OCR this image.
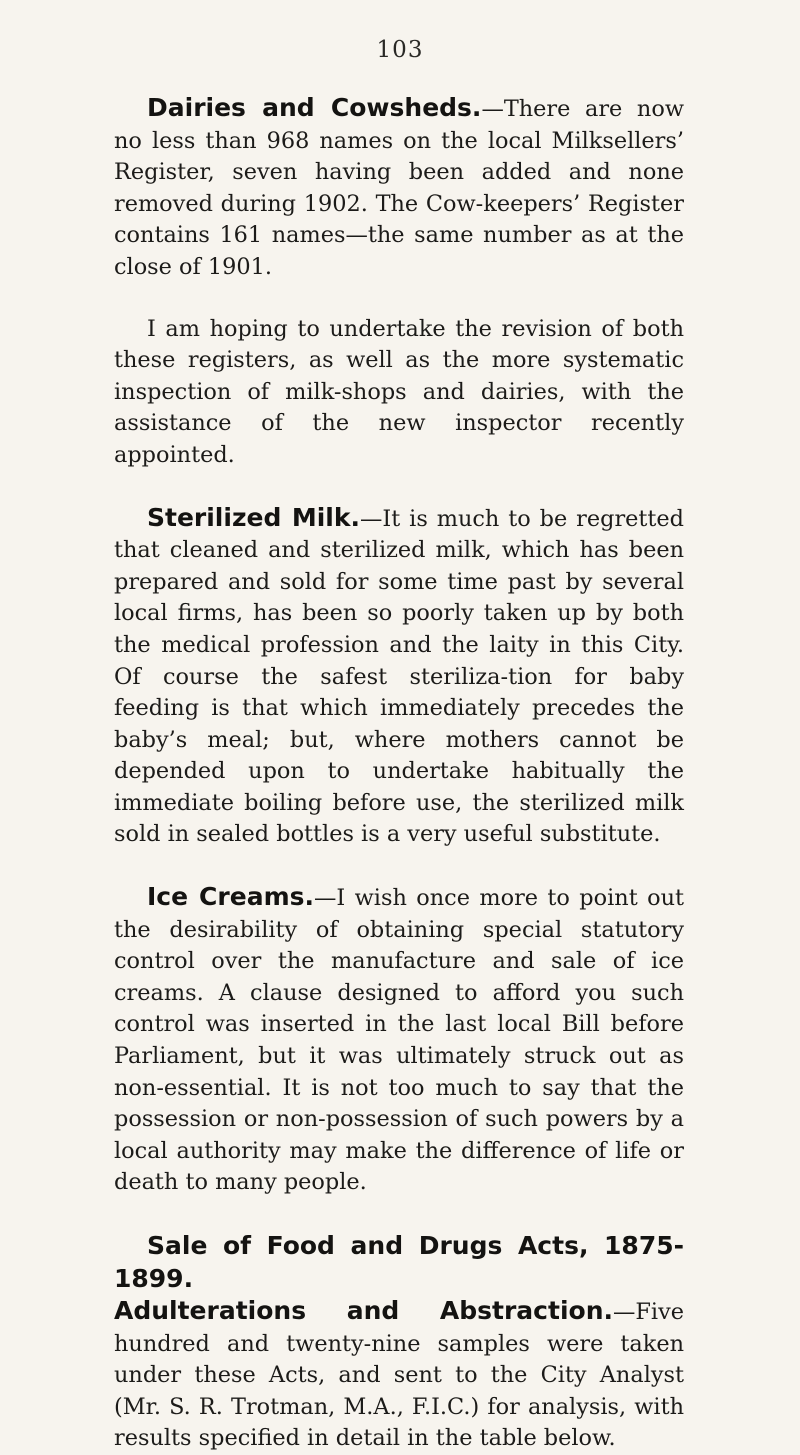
103

Dairies and Cowsheds.—There are now no less than 968 names on the local Milksellers’ Register, seven having been added and none removed during 1902. The Cow-keepers’ Register contains 161 names—the same number as at the close of 1901.

I am hoping to undertake the revision of both these registers, as well as the more systematic inspection of milk-shops and dairies, with the assistance of the new inspector recently appointed.

Sterilized Milk.—It is much to be regretted that cleaned and sterilized milk, which has been prepared and sold for some time past by several local firms, has been so poorly taken up by both the medical profession and the laity in this City. Of course the safest steriliza-tion for baby feeding is that which immediately precedes the baby’s meal; but, where mothers cannot be depended upon to undertake habitually the immediate boiling before use, the sterilized milk sold in sealed bottles is a very useful substitute.

Ice Creams.—I wish once more to point out the desirability of obtaining special statutory control over the manufacture and sale of ice creams. A clause designed to afford you such control was inserted in the last local Bill before Parliament, but it was ultimately struck out as non-essential. It is not too much to say that the possession or non-possession of such powers by a local authority may make the difference of life or death to many people.

Sale of Food and Drugs Acts, 1875-1899.
Adulterations and Abstraction.—Five hundred and twenty-nine samples were taken under these Acts, and sent to the City Analyst (Mr. S. R. Trotman, M.A., F.I.C.) for analysis, with results specified in detail in the table below.
